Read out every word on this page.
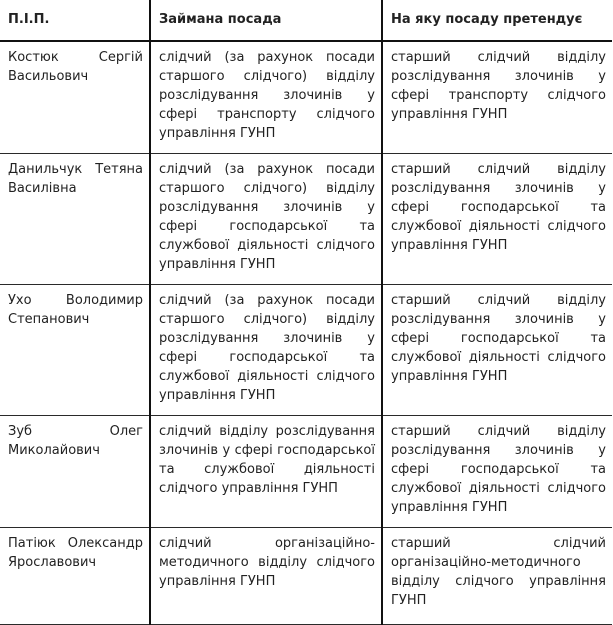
П.І.П.	Займана посада	На яку посаду претендує
Костюк Сергій Васильович	слідчий (за рахунок посади старшого слідчого) відділу розслідування злочинів у сфері транспорту слідчого управління ГУНП	старший слідчий відділу розслідування злочинів у сфері транспорту слідчого управління ГУНП
Данильчук Тетяна Василівна	слідчий (за рахунок посади старшого слідчого) відділу розслідування злочинів у сфері господарської та службової діяльності слідчого управління ГУНП	старший слідчий відділу розслідування злочинів у сфері господарської та службової діяльності слідчого управління ГУНП
Ухо Володимир Степанович	слідчий (за рахунок посади старшого слідчого) відділу розслідування злочинів у сфері господарської та службової діяльності слідчого управління ГУНП	старший слідчий відділу розслідування злочинів у сфері господарської та службової діяльності слідчого управління ГУНП
Зуб Олег Миколайович	слідчий відділу розслідування злочинів у сфері господарської та службової діяльності слідчого управління ГУНП	старший слідчий відділу розслідування злочинів у сфері господарської та службової діяльності слідчого управління ГУНП
Патіюк Олександр Ярославович	слідчий організаційно-методичного відділу слідчого управління ГУНП	старший слідчий організаційно-методичного відділу слідчого управління ГУНП
